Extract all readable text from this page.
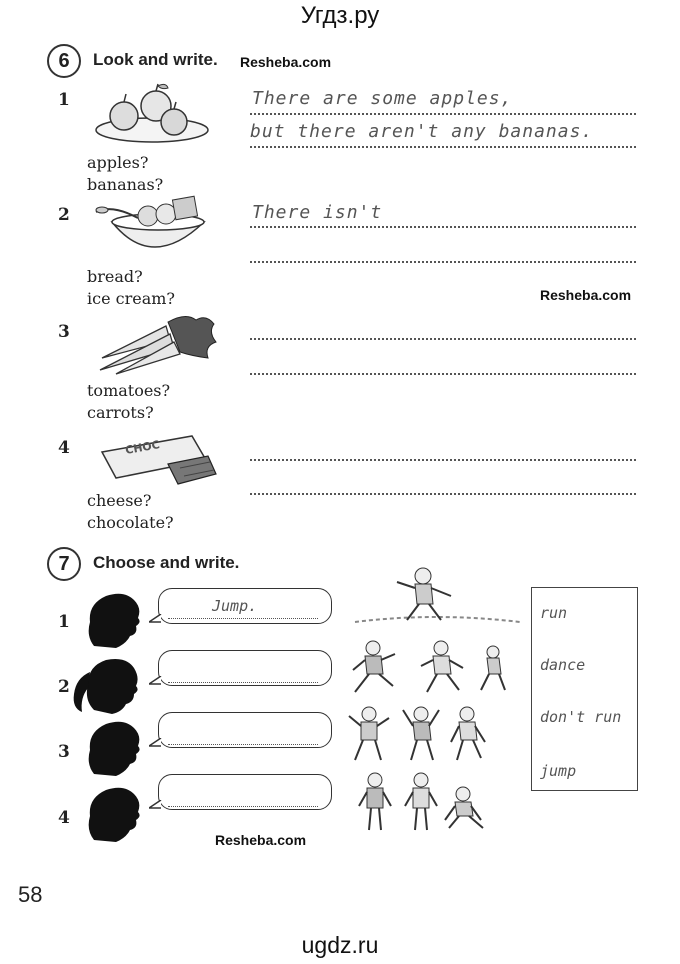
Угдз.ру
6	Look and write. Resheba.com
1
apples?
bananas?
There are some apples,
but there aren't any bananas.
2
bread?
ice cream?
There isn't
Resheba.com
3
tomatoes?
carrots?
4	CHOC
cheese?
chocolate?
7	Choose and write.
1
Jump.
2
3
4
Resheba.com
run
dance
don't run
jump
58
ugdz.ru
